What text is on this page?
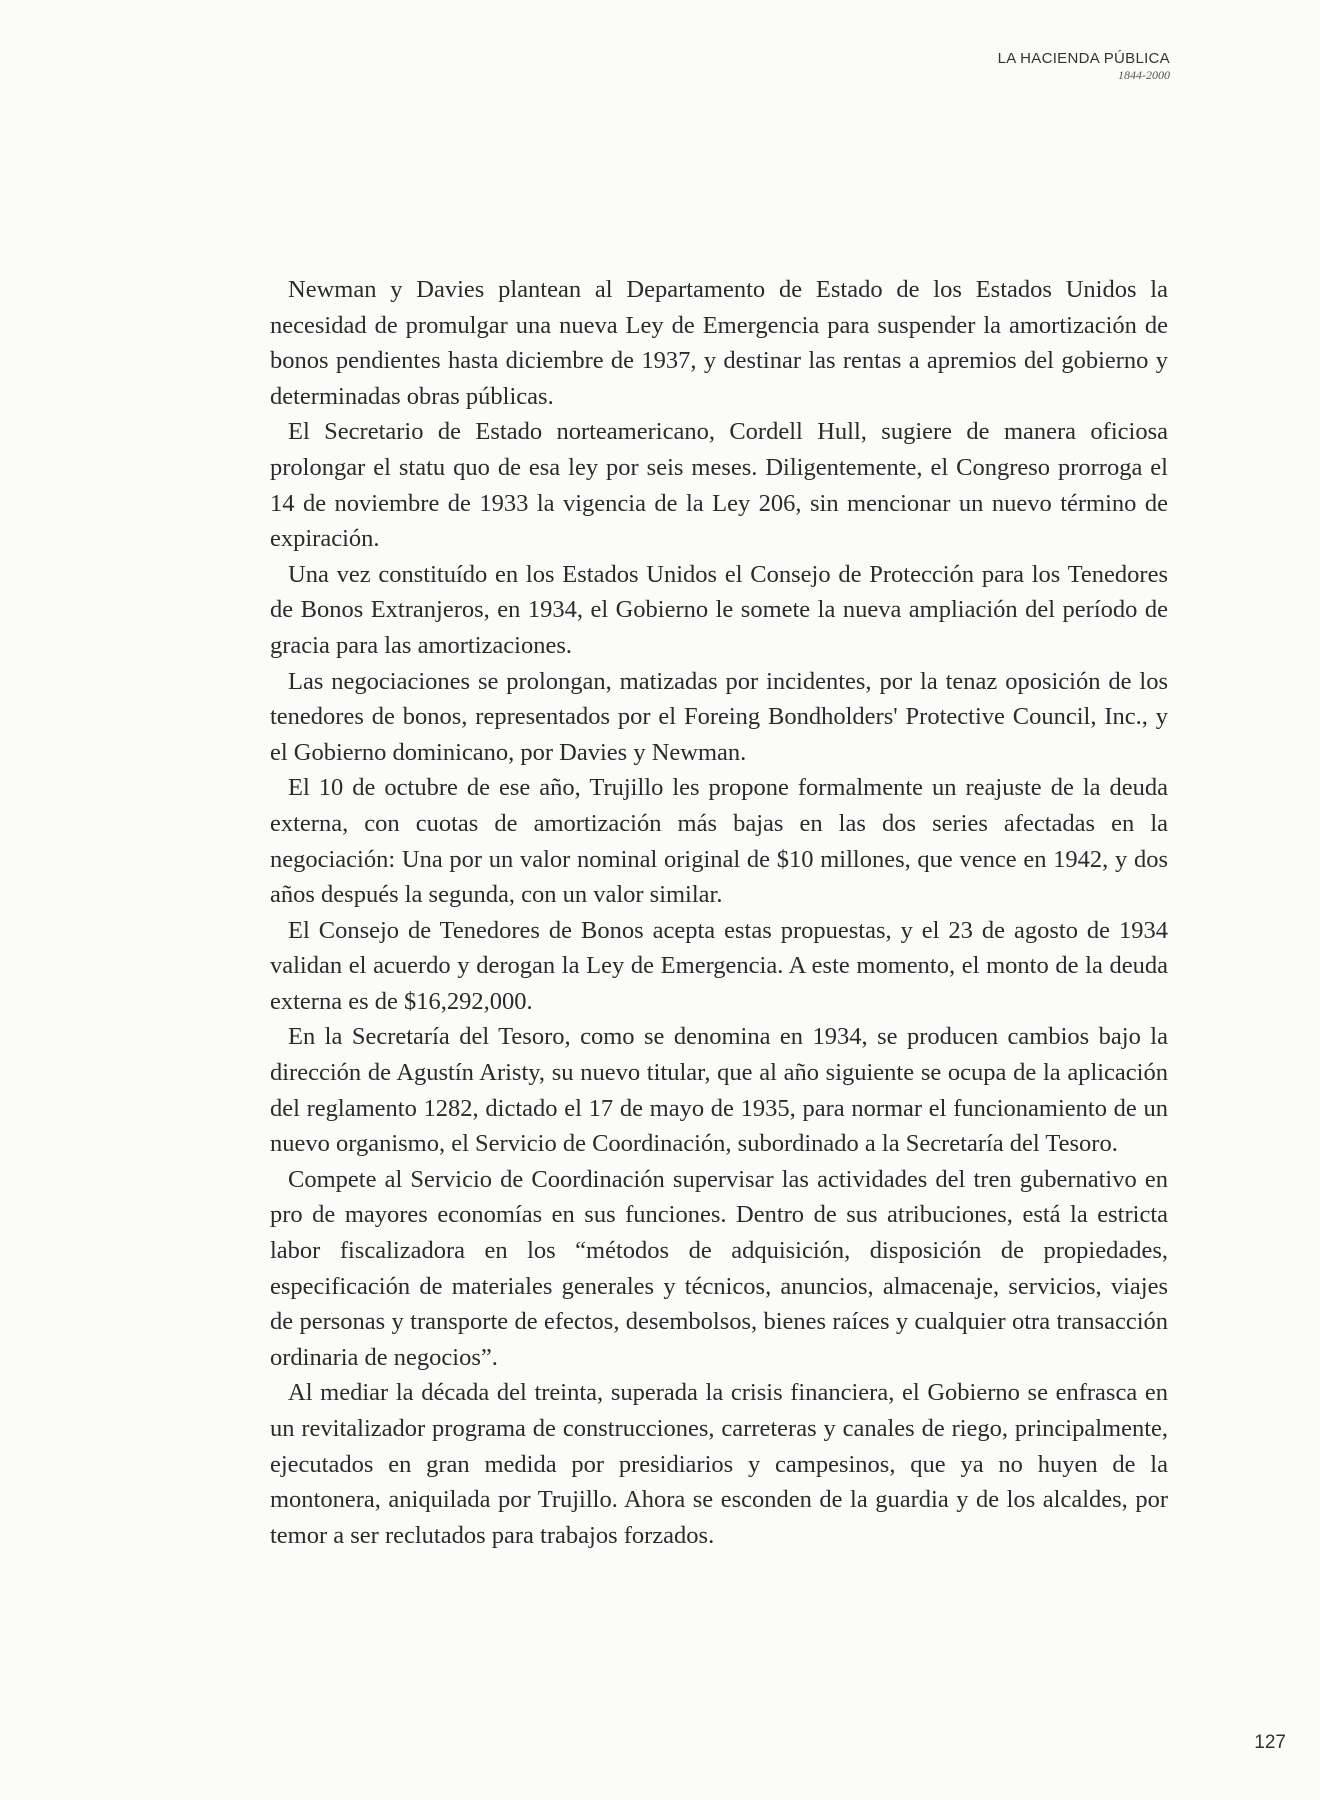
LA HACIENDA PÚBLICA
1844-2000

Newman y Davies plantean al Departamento de Estado de los Estados Unidos la necesidad de promulgar una nueva Ley de Emergencia para suspender la amortización de bonos pendientes hasta diciembre de 1937, y destinar las rentas a apremios del gobierno y determinadas obras públicas.

El Secretario de Estado norteamericano, Cordell Hull, sugiere de manera oficiosa prolongar el statu quo de esa ley por seis meses. Diligentemente, el Congreso prorroga el 14 de noviembre de 1933 la vigencia de la Ley 206, sin mencionar un nuevo término de expiración.

Una vez constituído en los Estados Unidos el Consejo de Protección para los Tenedores de Bonos Extranjeros, en 1934, el Gobierno le somete la nueva ampliación del período de gracia para las amortizaciones.

Las negociaciones se prolongan, matizadas por incidentes, por la tenaz oposición de los tenedores de bonos, representados por el Foreing Bondholders' Protective Council, Inc., y el Gobierno dominicano, por Davies y Newman.

El 10 de octubre de ese año, Trujillo les propone formalmente un reajuste de la deuda externa, con cuotas de amortización más bajas en las dos series afectadas en la negociación: Una por un valor nominal original de $10 millones, que vence en 1942, y dos años después la segunda, con un valor similar.

El Consejo de Tenedores de Bonos acepta estas propuestas, y el 23 de agosto de 1934 validan el acuerdo y derogan la Ley de Emergencia. A este momento, el monto de la deuda externa es de $16,292,000.

En la Secretaría del Tesoro, como se denomina en 1934, se producen cambios bajo la dirección de Agustín Aristy, su nuevo titular, que al año siguiente se ocupa de la aplicación del reglamento 1282, dictado el 17 de mayo de 1935, para normar el funcionamiento de un nuevo organismo, el Servicio de Coordinación, subordinado a la Secretaría del Tesoro.

Compete al Servicio de Coordinación supervisar las actividades del tren gubernativo en pro de mayores economías en sus funciones. Dentro de sus atribuciones, está la estricta labor fiscalizadora en los “métodos de adquisición, disposición de propiedades, especificación de materiales generales y técnicos, anuncios, almacenaje, servicios, viajes de personas y transporte de efectos, desembolsos, bienes raíces y cualquier otra transacción ordinaria de negocios”.

Al mediar la década del treinta, superada la crisis financiera, el Gobierno se enfrasca en un revitalizador programa de construcciones, carreteras y canales de riego, principalmente, ejecutados en gran medida por presidiarios y campesinos, que ya no huyen de la montonera, aniquilada por Trujillo. Ahora se esconden de la guardia y de los alcaldes, por temor a ser reclutados para trabajos forzados.

127
